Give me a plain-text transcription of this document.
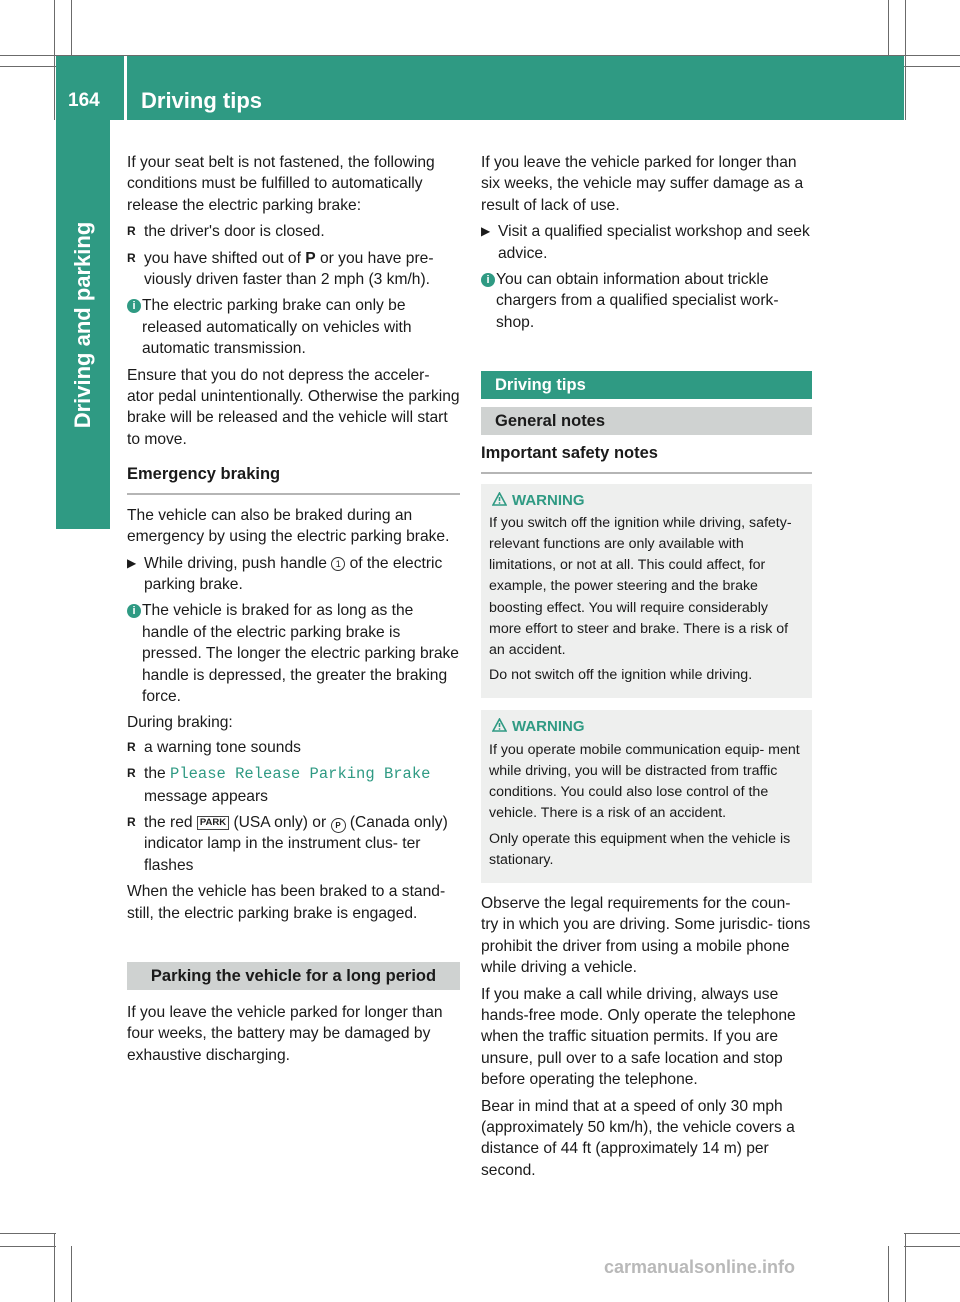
164 Driving tips
Driving and parking

If your seat belt is not fastened, the following conditions must be fulfilled to automatically release the electric parking brake:

R the driver's door is closed.
R you have shifted out of P or you have pre- viously driven faster than 2 mph (3 km/h).
i The electric parking brake can only be released automatically on vehicles with automatic transmission.

Ensure that you do not depress the acceler- ator pedal unintentionally. Otherwise the parking brake will be released and the vehicle will start to move.

Emergency braking

The vehicle can also be braked during an emergency by using the electric parking brake.

▶ While driving, push handle 1 of the electric parking brake.
i The vehicle is braked for as long as the handle of the electric parking brake is pressed. The longer the electric parking brake handle is depressed, the greater the braking force.

During braking:

R a warning tone sounds
R the Please Release Parking Brake
message appears
R the red PARK (USA only) or P (Canada only) indicator lamp in the instrument clus- ter flashes

When the vehicle has been braked to a stand- still, the electric parking brake is engaged.

Parking the vehicle for a long period

If you leave the vehicle parked for longer than four weeks, the battery may be damaged by exhaustive discharging.

If you leave the vehicle parked for longer than six weeks, the vehicle may suffer damage as a result of lack of use.

▶ Visit a qualified specialist workshop and seek advice.
i You can obtain information about trickle chargers from a qualified specialist work- shop.
Driving tips
General notes
Important safety notes
WARNING

If you switch off the ignition while driving, safety-relevant functions are only available with limitations, or not at all. This could affect, for example, the power steering and the brake boosting effect. You will require considerably more effort to steer and brake. There is a risk of an accident.

Do not switch off the ignition while driving.

WARNING

If you operate mobile communication equip- ment while driving, you will be distracted from traffic conditions. You could also lose control of the vehicle. There is a risk of an accident.

Only operate this equipment when the vehicle is stationary.

Observe the legal requirements for the coun- try in which you are driving. Some jurisdic- tions prohibit the driver from using a mobile phone while driving a vehicle.

If you make a call while driving, always use hands-free mode. Only operate the telephone when the traffic situation permits. If you are unsure, pull over to a safe location and stop before operating the telephone.

Bear in mind that at a speed of only 30 mph (approximately 50 km/h), the vehicle covers a distance of 44 ft (approximately 14 m) per second.

carmanualsonline.info
